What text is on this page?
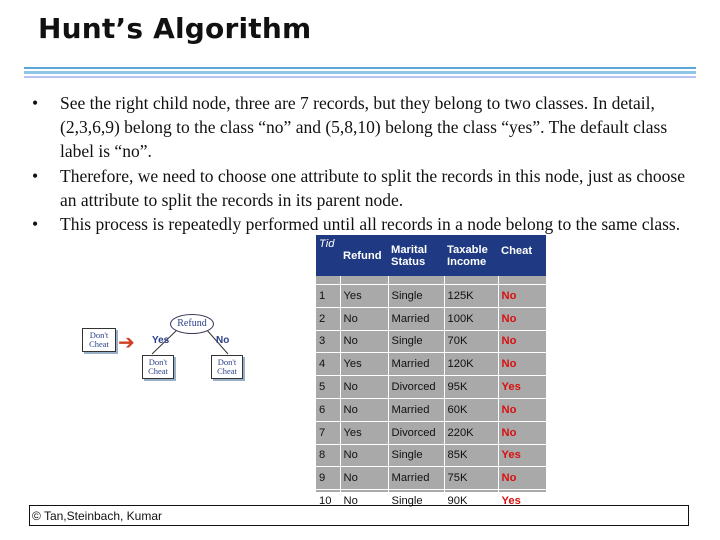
Hunt’s Algorithm
• See the right child node, three are 7 records, but they belong to two classes. In detail, (2,3,6,9) belong to the class “no” and (5,8,10) belong the class “yes”. The default class label is “no”.
• Therefore, we need to choose one attribute to split the records in this node, just as choose an attribute to split the records in its parent node.
• This process is repeatedly performed until all records in a node belong to the same class.
Refund
Yes	No
Don't Cheat ➔
Don't Cheat
Don't Cheat
Tid	Refund	Marital Status	Taxable Income	Cheat

1	Yes	Single	125K	No
2	No	Married	100K	No
3	No	Single	70K	No
4	Yes	Married	120K	No
5	No	Divorced	95K	Yes
6	No	Married	60K	No
7	Yes	Divorced	220K	No
8	No	Single	85K	Yes
9	No	Married	75K	No
10	No	Single	90K	Yes
© Tan,Steinbach, Kumar
